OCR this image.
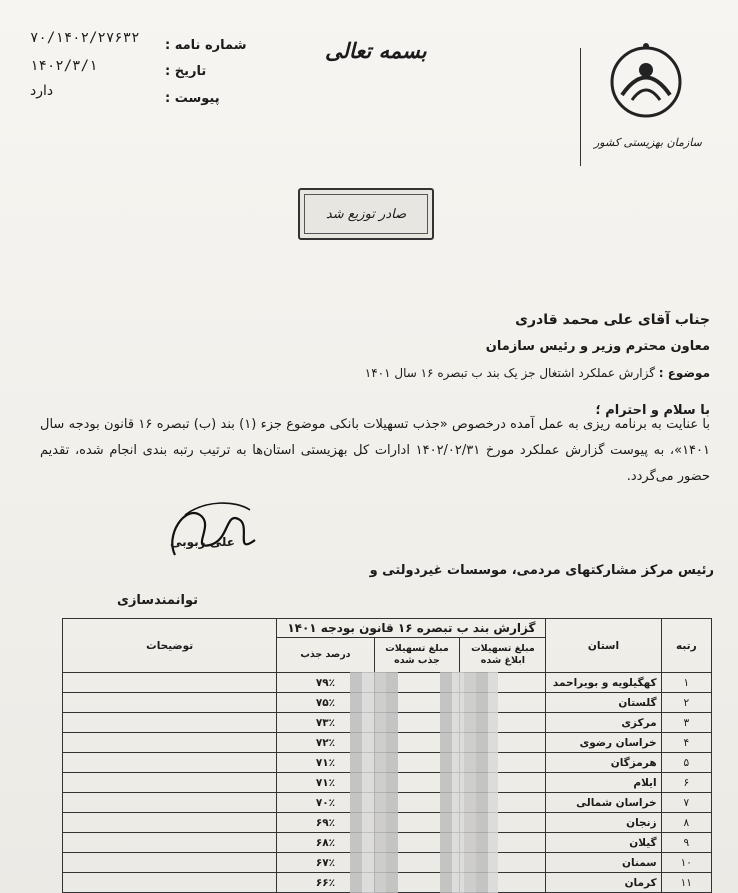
۷۰/۱۴۰۲/۲۷۶۳۲ شماره نامه :
۱۴۰۲/۳/۱	تاریخ :
دارد	پیوست :
بسمه تعالی
سازمان بهزیستی کشور
صادر توزیع شد
جناب آقای علی محمد قادری
معاون محترم وزیر و رئیس سازمان
موضوع : گزارش عملکرد اشتغال جز یک بند ب تبصره ۱۶ سال ۱۴۰۱
با سلام و احترام ؛
با عنایت به برنامه ریزی به عمل آمده درخصوص «جذب تسهیلات بانکی موضوع جزء (۱) بند (ب) تبصره ۱۶ قانون بودجه سال ۱۴۰۱»، به پیوست گزارش عملکرد مورخ ۱۴۰۲/۰۲/۳۱ ادارات کل بهزیستی استان‌ها به ترتیب رتبه بندی انجام شده، تقدیم حضور می‌گردد.
علی ربوبی
رئیس مرکز مشارکتهای مردمی، موسسات غیردولتی و
توانمندسازی
رتبه	استان	گزارش بند ب تبصره ۱۶ قانون بودجه ۱۴۰۱			توضیحات
		مبلغ تسهیلات ابلاغ شده	مبلغ تسهیلات جذب شده	درصد جذب	
۱	کهگیلویه و بویراحمد			۷۹٪	
۲	گلستان			۷۵٪	
۳	مرکزی			۷۳٪	
۴	خراسان رضوی			۷۲٪	
۵	هرمزگان			۷۱٪	
۶	ایلام			۷۱٪	
۷	خراسان شمالی			۷۰٪	
۸	زنجان			۶۹٪	
۹	گیلان			۶۸٪	
۱۰	سمنان			۶۷٪	
۱۱	کرمان			۶۶٪	
